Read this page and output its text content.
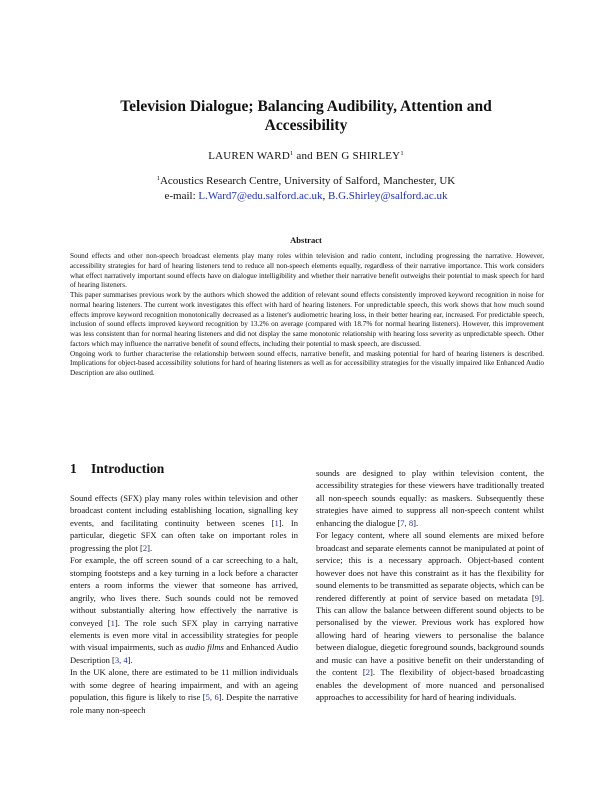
Television Dialogue; Balancing Audibility, Attention and Accessibility
LAUREN WARD$^1$ and BEN G SHIRLEY$^1$
$^1$Acoustics Research Centre, University of Salford, Manchester, UK
e-mail: L.Ward7@edu.salford.ac.uk, B.G.Shirley@salford.ac.uk
Abstract

Sound effects and other non-speech broadcast elements play many roles within television and radio content, including progressing the narrative. However, accessibility strategies for hard of hearing listeners tend to reduce all non-speech elements equally, regardless of their narrative importance. This work considers what effect narratively important sound effects have on dialogue intelligibility and whether their narrative benefit outweighs their potential to mask speech for hard of hearing listeners.

This paper summarises previous work by the authors which showed the addition of relevant sound effects consistently improved keyword recognition in noise for normal hearing listeners. The current work investigates this effect with hard of hearing listeners. For unpredictable speech, this work shows that how much sound effects improve keyword recognition monotonically decreased as a listener's audiometric hearing loss, in their better hearing ear, increased. For predictable speech, inclusion of sound effects improved keyword recognition by 13.2% on average (compared with 18.7% for normal hearing listeners). However, this improvement was less consistent than for normal hearing listeners and did not display the same monotonic relationship with hearing loss severity as unpredictable speech. Other factors which may influence the narrative benefit of sound effects, including their potential to mask speech, are discussed.

Ongoing work to further characterise the relationship between sound effects, narrative benefit, and masking potential for hard of hearing listeners is described. Implications for object-based accessibility solutions for hard of hearing listeners as well as for accessibility strategies for the visually impaired like Enhanced Audio Description are also outlined.

1 Introduction

Sound effects (SFX) play many roles within television and other broadcast content including establishing location, signalling key events, and facilitating continuity between scenes [1]. In particular, diegetic SFX can often take on important roles in progressing the plot [2].

For example, the off screen sound of a car screeching to a halt, stomping footsteps and a key turning in a lock before a character enters a room informs the viewer that someone has arrived, angrily, who lives there. Such sounds could not be removed without substantially altering how effectively the narrative is conveyed [1]. The role such SFX play in carrying narrative elements is even more vital in accessibility strategies for people with visual impairments, such as audio films and Enhanced Audio Description [3, 4].

In the UK alone, there are estimated to be 11 million individuals with some degree of hearing impairment, and with an ageing population, this figure is likely to rise [5, 6]. Despite the narrative role many non-speech

sounds are designed to play within television content, the accessibility strategies for these viewers have traditionally treated all non-speech sounds equally: as maskers. Subsequently these strategies have aimed to suppress all non-speech content whilst enhancing the dialogue [7, 8].

For legacy content, where all sound elements are mixed before broadcast and separate elements cannot be manipulated at point of service; this is a necessary approach. Object-based content however does not have this constraint as it has the flexibility for sound elements to be transmitted as separate objects, which can be rendered differently at point of service based on metadata [9]. This can allow the balance between different sound objects to be personalised by the viewer. Previous work has explored how allowing hard of hearing viewers to personalise the balance between dialogue, diegetic foreground sounds, background sounds and music can have a positive benefit on their understanding of the content [2]. The flexibility of object-based broadcasting enables the development of more nuanced and personalised approaches to accessibility for hard of hearing individuals.
